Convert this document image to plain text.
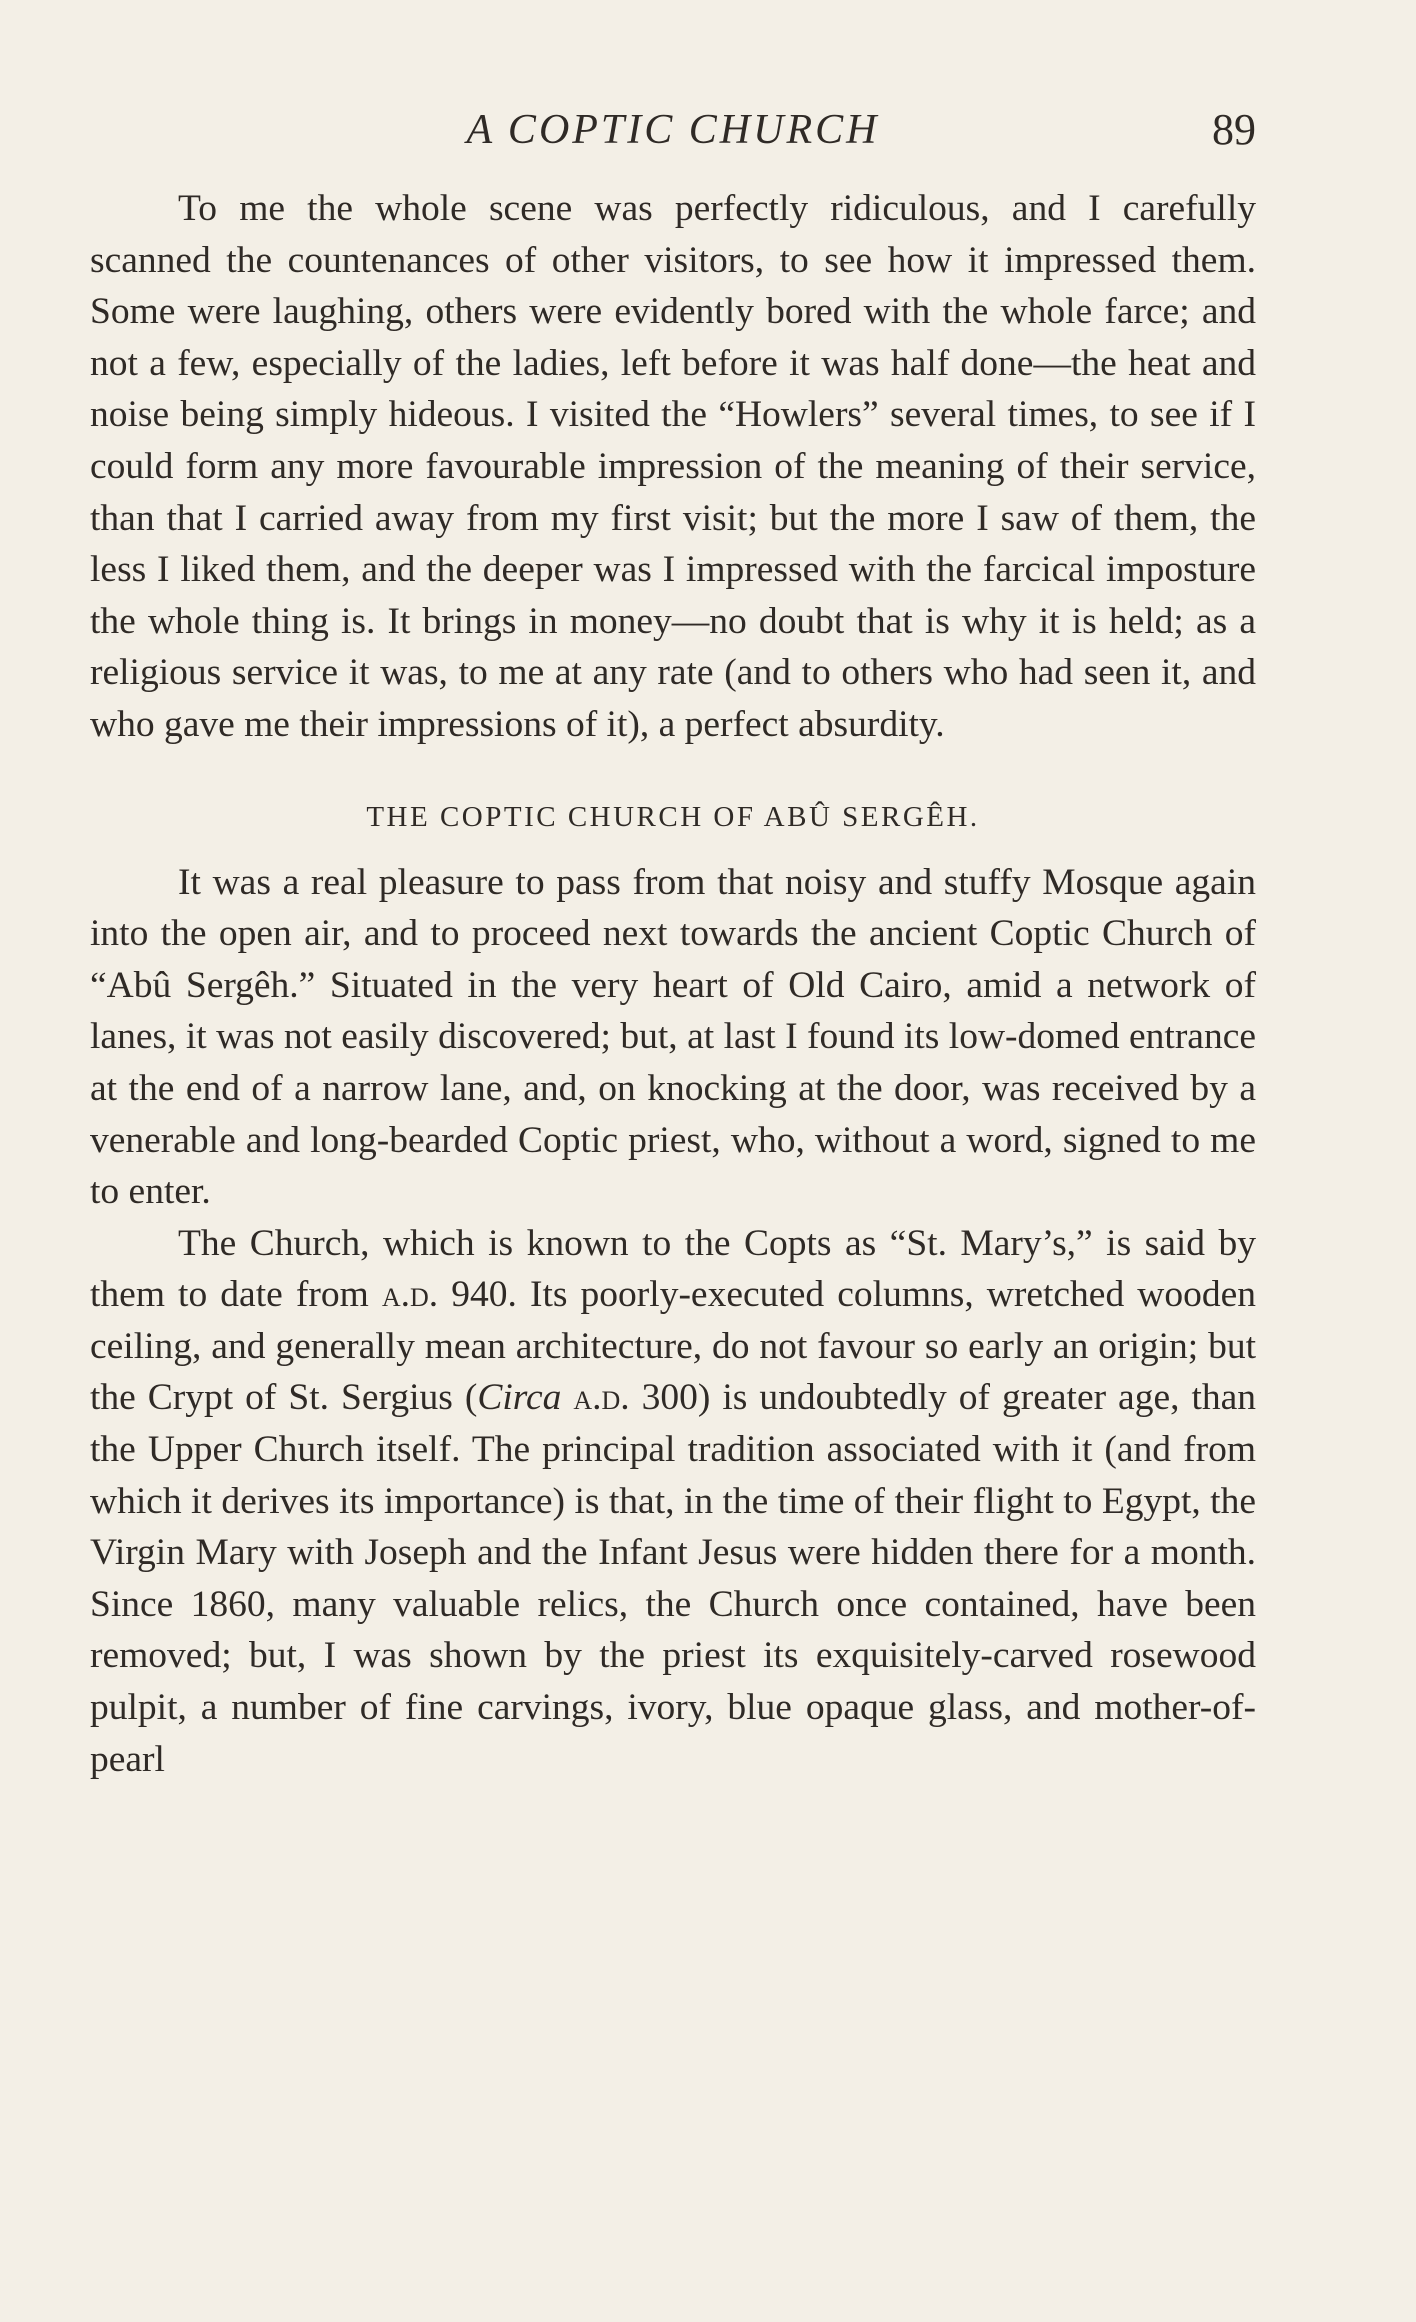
A COPTIC CHURCH	89

To me the whole scene was perfectly ridiculous, and I carefully scanned the countenances of other visitors, to see how it impressed them. Some were laughing, others were evidently bored with the whole farce; and not a few, especially of the ladies, left before it was half done—the heat and noise being simply hideous. I visited the “Howlers” several times, to see if I could form any more favourable impression of the meaning of their service, than that I carried away from my first visit; but the more I saw of them, the less I liked them, and the deeper was I impressed with the farcical imposture the whole thing is. It brings in money—no doubt that is why it is held; as a religious service it was, to me at any rate (and to others who had seen it, and who gave me their impressions of it), a perfect absurdity.

THE COPTIC CHURCH OF ABÛ SERGÊH.

It was a real pleasure to pass from that noisy and stuffy Mosque again into the open air, and to proceed next towards the ancient Coptic Church of “Abû Sergêh.” Situated in the very heart of Old Cairo, amid a network of lanes, it was not easily discovered; but, at last I found its low-domed entrance at the end of a narrow lane, and, on knocking at the door, was received by a venerable and long-bearded Coptic priest, who, without a word, signed to me to enter.

The Church, which is known to the Copts as “St. Mary’s,” is said by them to date from a.d. 940. Its poorly-executed columns, wretched wooden ceiling, and generally mean architecture, do not favour so early an origin; but the Crypt of St. Sergius (Circa a.d. 300) is undoubtedly of greater age, than the Upper Church itself. The principal tradition associated with it (and from which it derives its importance) is that, in the time of their flight to Egypt, the Virgin Mary with Joseph and the Infant Jesus were hidden there for a month. Since 1860, many valuable relics, the Church once contained, have been removed; but, I was shown by the priest its exquisitely-carved rosewood pulpit, a number of fine carvings, ivory, blue opaque glass, and mother-of-pearl
